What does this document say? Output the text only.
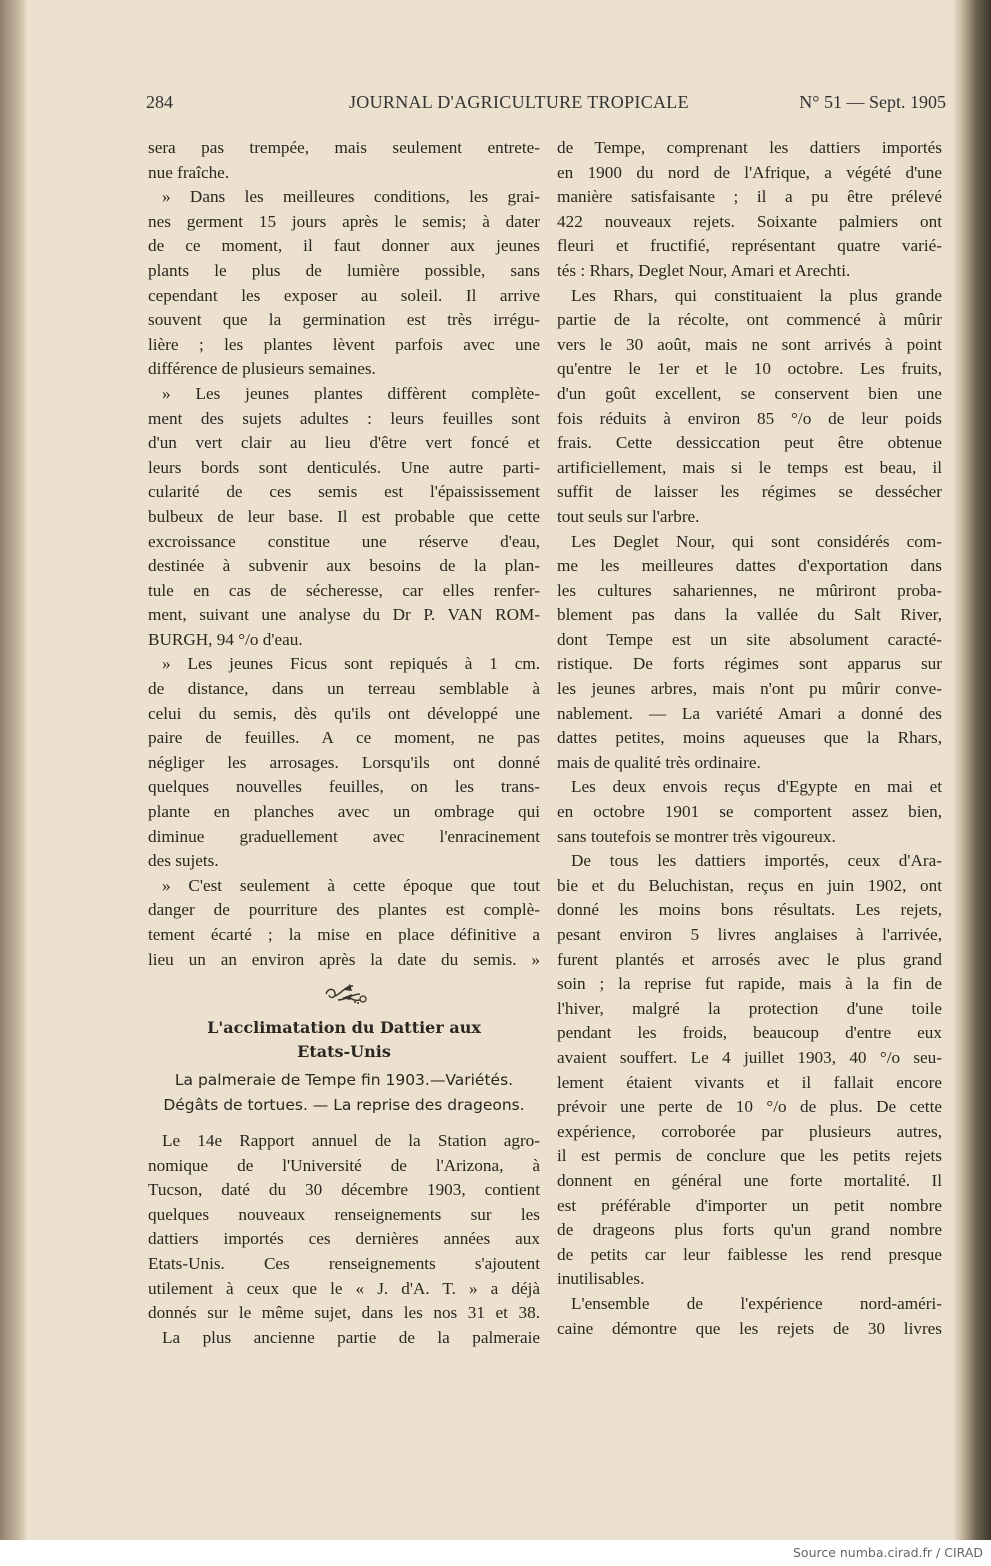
284	JOURNAL D'AGRICULTURE TROPICALE	N° 51 — Sept. 1905
sera pas trempée, mais seulement entrete-
nue fraîche.
» Dans les meilleures conditions, les grai-
nes germent 15 jours après le semis; à dater
de ce moment, il faut donner aux jeunes
plants le plus de lumière possible, sans
cependant les exposer au soleil. Il arrive
souvent que la germination est très irrégu-
lière ; les plantes lèvent parfois avec une
différence de plusieurs semaines.
» Les jeunes plantes diffèrent complète-
ment des sujets adultes : leurs feuilles sont
d'un vert clair au lieu d'être vert foncé et
leurs bords sont denticulés. Une autre parti-
cularité de ces semis est l'épaississement
bulbeux de leur base. Il est probable que cette
excroissance constitue une réserve d'eau,
destinée à subvenir aux besoins de la plan-
tule en cas de sécheresse, car elles renfer-
ment, suivant une analyse du Dr P. VAN ROM-
BURGH, 94 °/o d'eau.
» Les jeunes Ficus sont repiqués à 1 cm.
de distance, dans un terreau semblable à
celui du semis, dès qu'ils ont développé une
paire de feuilles. A ce moment, ne pas
négliger les arrosages. Lorsqu'ils ont donné
quelques nouvelles feuilles, on les trans-
plante en planches avec un ombrage qui
diminue graduellement avec l'enracinement
des sujets.
» C'est seulement à cette époque que tout
danger de pourriture des plantes est complè-
tement écarté ; la mise en place définitive a
lieu un an environ après la date du semis. »
L'acclimatation du Dattier aux
Etats-Unis
La palmeraie de Tempe fin 1903.—Variétés.
Dégâts de tortues. — La reprise des drageons.
Le 14e Rapport annuel de la Station agro-
nomique de l'Université de l'Arizona, à
Tucson, daté du 30 décembre 1903, contient
quelques nouveaux renseignements sur les
dattiers importés ces dernières années aux
Etats-Unis. Ces renseignements s'ajoutent
utilement à ceux que le « J. d'A. T. » a déjà
donnés sur le même sujet, dans les nos 31 et 38.
La plus ancienne partie de la palmeraie
de Tempe, comprenant les dattiers importés
en 1900 du nord de l'Afrique, a végété d'une
manière satisfaisante ; il a pu être prélevé
422 nouveaux rejets. Soixante palmiers ont
fleuri et fructifié, représentant quatre varié-
tés : Rhars, Deglet Nour, Amari et Arechti.
Les Rhars, qui constituaient la plus grande
partie de la récolte, ont commencé à mûrir
vers le 30 août, mais ne sont arrivés à point
qu'entre le 1er et le 10 octobre. Les fruits,
d'un goût excellent, se conservent bien une
fois réduits à environ 85 °/o de leur poids
frais. Cette dessiccation peut être obtenue
artificiellement, mais si le temps est beau, il
suffit de laisser les régimes se dessécher
tout seuls sur l'arbre.
Les Deglet Nour, qui sont considérés com-
me les meilleures dattes d'exportation dans
les cultures sahariennes, ne mûriront proba-
blement pas dans la vallée du Salt River,
dont Tempe est un site absolument caracté-
ristique. De forts régimes sont apparus sur
les jeunes arbres, mais n'ont pu mûrir conve-
nablement. — La variété Amari a donné des
dattes petites, moins aqueuses que la Rhars,
mais de qualité très ordinaire.
Les deux envois reçus d'Egypte en mai et
en octobre 1901 se comportent assez bien,
sans toutefois se montrer très vigoureux.
De tous les dattiers importés, ceux d'Ara-
bie et du Beluchistan, reçus en juin 1902, ont
donné les moins bons résultats. Les rejets,
pesant environ 5 livres anglaises à l'arrivée,
furent plantés et arrosés avec le plus grand
soin ; la reprise fut rapide, mais à la fin de
l'hiver, malgré la protection d'une toile
pendant les froids, beaucoup d'entre eux
avaient souffert. Le 4 juillet 1903, 40 °/o seu-
lement étaient vivants et il fallait encore
prévoir une perte de 10 °/o de plus. De cette
expérience, corroborée par plusieurs autres,
il est permis de conclure que les petits rejets
donnent en général une forte mortalité. Il
est préférable d'importer un petit nombre
de drageons plus forts qu'un grand nombre
de petits car leur faiblesse les rend presque
inutilisables.
L'ensemble de l'expérience nord-améri-
caine démontre que les rejets de 30 livres
Source numba.cirad.fr / CIRAD
